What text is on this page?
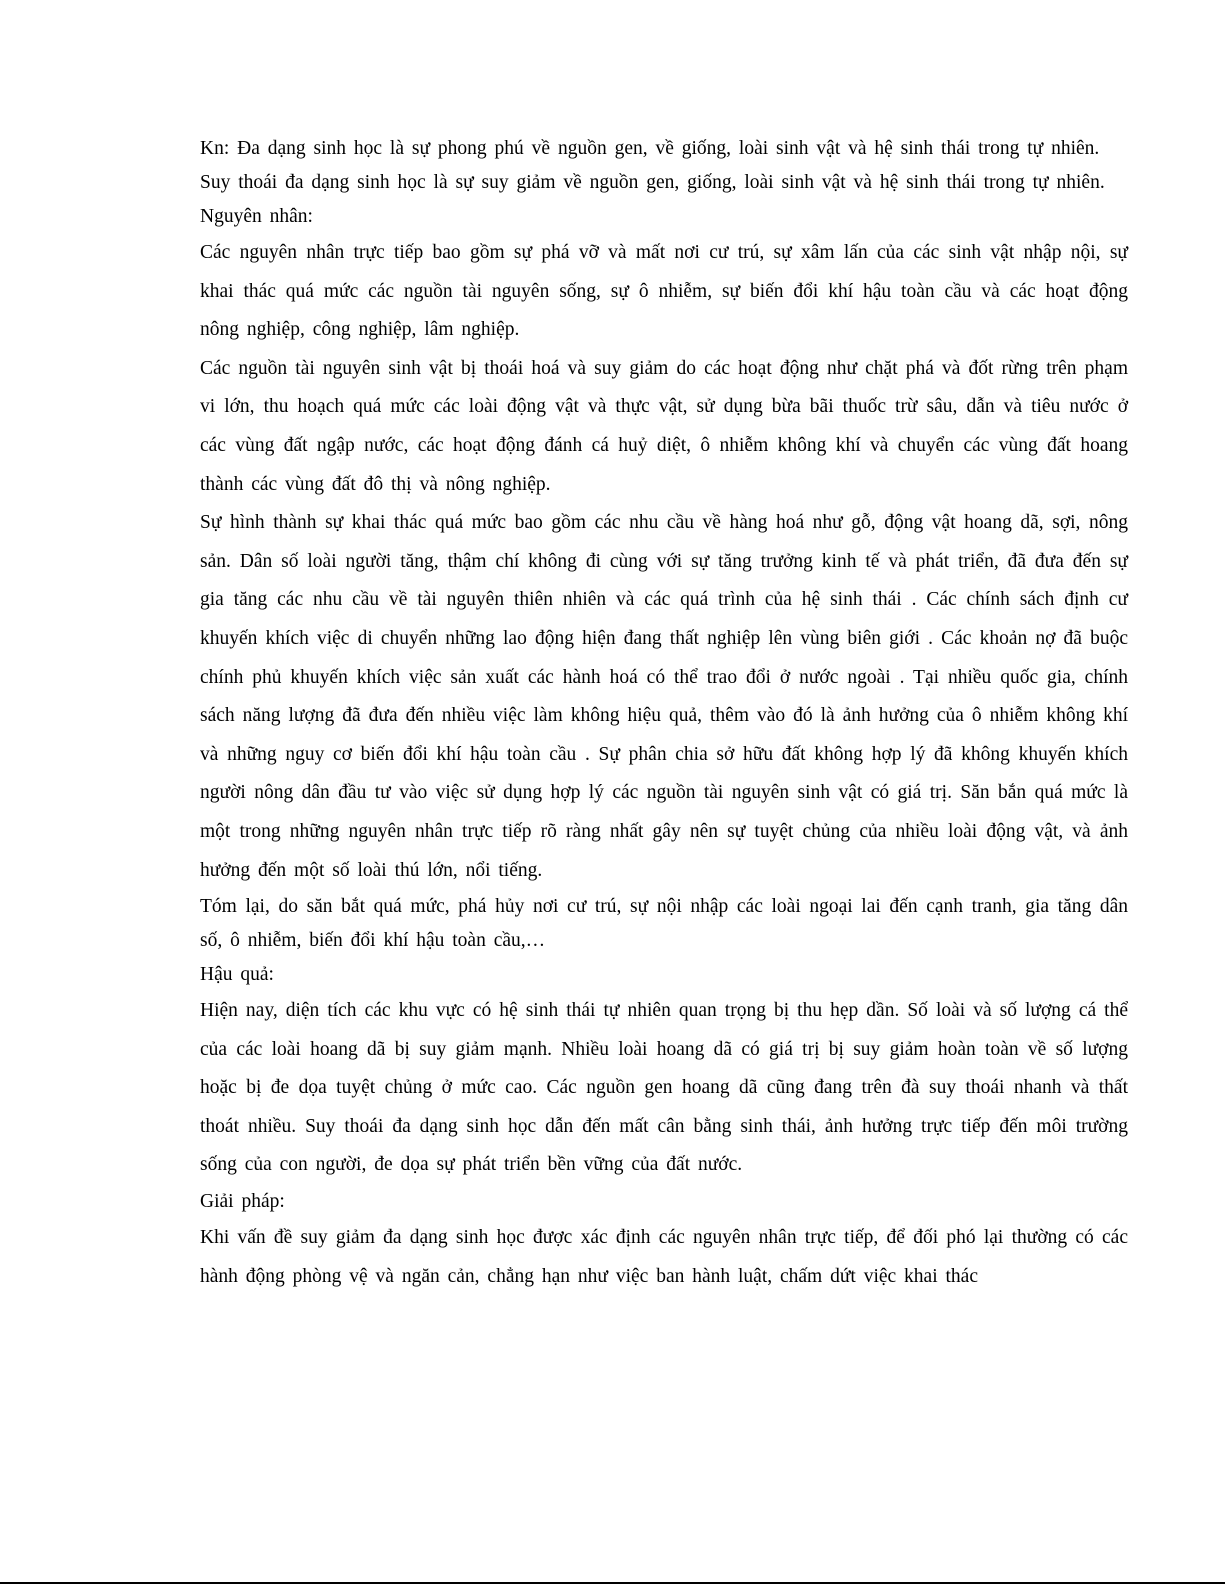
Kn: Đa dạng sinh học là sự phong phú về nguồn gen, về giống, loài sinh vật và hệ sinh thái trong tự nhiên.

Suy thoái đa dạng sinh học là sự suy giảm về nguồn gen, giống, loài sinh vật và hệ sinh thái trong tự nhiên.

Nguyên nhân:

Các nguyên nhân trực tiếp bao gồm sự phá vỡ và mất nơi cư trú, sự xâm lấn của các sinh vật nhập nội, sự khai thác quá mức các nguồn tài nguyên sống, sự ô nhiễm, sự biến đổi khí hậu toàn cầu và các hoạt động nông nghiệp, công nghiệp, lâm nghiệp.

Các nguồn tài nguyên sinh vật bị thoái hoá và suy giảm do các hoạt động như chặt phá và đốt rừng trên phạm vi lớn, thu hoạch quá mức các loài động vật và thực vật, sử dụng bừa bãi thuốc trừ sâu, dẫn và tiêu nước ở các vùng đất ngập nước, các hoạt động đánh cá huỷ diệt, ô nhiễm không khí và chuyển các vùng đất hoang thành các vùng đất đô thị và nông nghiệp.

Sự hình thành sự khai thác quá mức bao gồm các nhu cầu về hàng hoá như gỗ, động vật hoang dã, sợi, nông sản. Dân số loài người tăng, thậm chí không đi cùng với sự tăng trưởng kinh tế và phát triển, đã đưa đến sự gia tăng các nhu cầu về tài nguyên thiên nhiên và các quá trình của hệ sinh thái . Các chính sách định cư khuyến khích việc di chuyển những lao động hiện đang thất nghiệp lên vùng biên giới . Các khoản nợ đã buộc chính phủ khuyến khích việc sản xuất các hành hoá có thể trao đổi ở nước ngoài . Tại nhiều quốc gia, chính sách năng lượng đã đưa đến nhiều việc làm không hiệu quả, thêm vào đó là ảnh hưởng của ô nhiễm không khí và những nguy cơ biến đổi khí hậu toàn cầu . Sự phân chia sở hữu đất không hợp lý đã không khuyến khích người nông dân đầu tư vào việc sử dụng hợp lý các nguồn tài nguyên sinh vật có giá trị. Săn bắn quá mức là một trong những nguyên nhân trực tiếp rõ ràng nhất gây nên sự tuyệt chủng của nhiều loài động vật, và ảnh hưởng đến một số loài thú lớn, nổi tiếng.

Tóm lại, do săn bắt quá mức, phá hủy nơi cư trú, sự nội nhập các loài ngoại lai đến cạnh tranh, gia tăng dân số, ô nhiễm, biến đổi khí hậu toàn cầu,…

Hậu quả:

Hiện nay, diện tích các khu vực có hệ sinh thái tự nhiên quan trọng bị thu hẹp dần. Số loài và số lượng cá thể của các loài hoang dã bị suy giảm mạnh. Nhiều loài hoang dã có giá trị bị suy giảm hoàn toàn về số lượng hoặc bị đe dọa tuyệt chủng ở mức cao. Các nguồn gen hoang dã cũng đang trên đà suy thoái nhanh và thất thoát nhiều. Suy thoái đa dạng sinh học dẫn đến mất cân bằng sinh thái, ảnh hưởng trực tiếp đến môi trường sống của con người, đe dọa sự phát triển bền vững của đất nước.

Giải pháp:

Khi vấn đề suy giảm đa dạng sinh học được xác định các nguyên nhân trực tiếp, để đối phó lại thường có các hành động phòng vệ và ngăn cản, chẳng hạn như việc ban hành luật, chấm dứt việc khai thác
